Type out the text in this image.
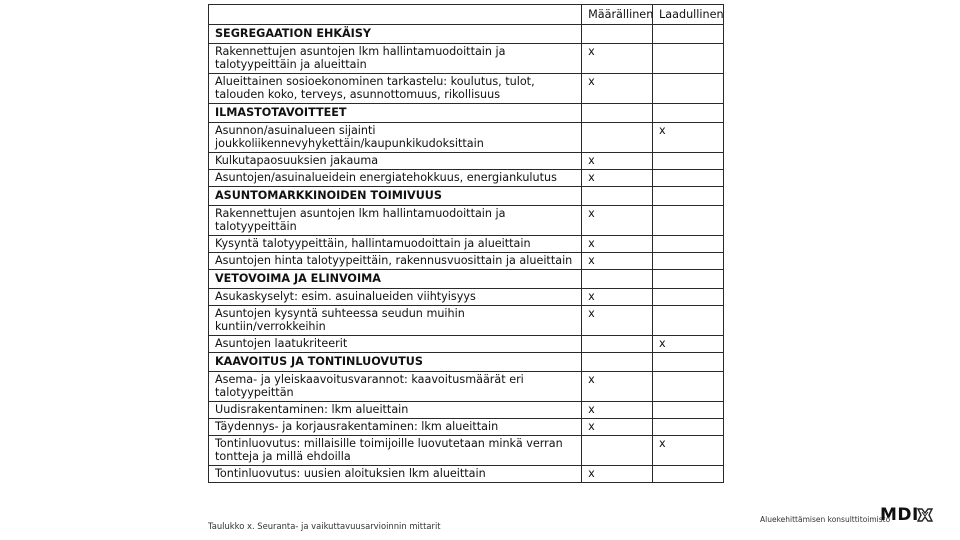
	Määrällinen	Laadullinen
SEGREGAATION EHKÄISY		
Rakennettujen asuntojen lkm hallintamuodoittain ja talotyypeittäin ja alueittain	x	
Alueittainen sosioekonominen tarkastelu: koulutus, tulot, talouden koko, terveys, asunnottomuus, rikollisuus	x	
ILMASTOTAVOITTEET		
Asunnon/asuinalueen sijainti joukkoliikennevyhykettäin/kaupunkikudoksittain		x
Kulkutapaosuuksien jakauma	x	
Asuntojen/asuinalueidein energiatehokkuus, energiankulutus	x	
ASUNTOMARKKINOIDEN TOIMIVUUS		
Rakennettujen asuntojen lkm hallintamuodoittain ja talotyypeittäin	x	
Kysyntä talotyypeittäin, hallintamuodoittain ja alueittain	x	
Asuntojen hinta talotyypeittäin, rakennusvuosittain ja alueittain	x	
VETOVOIMA JA ELINVOIMA		
Asukaskyselyt: esim. asuinalueiden viihtyisyys	x	
Asuntojen kysyntä suhteessa seudun muihin kuntiin/verrokkeihin	x	
Asuntojen laatukriteerit		x
KAAVOITUS JA TONTINLUOVUTUS		
Asema- ja yleiskaavoitusvarannot: kaavoitusmäärät eri talotyypeittän	x	
Uudisrakentaminen: lkm alueittain	x	
Täydennys- ja korjausrakentaminen: lkm alueittain	x	
Tontinluovutus: millaisille toimijoille luovutetaan minkä verran tontteja ja millä ehdoilla		x
Tontinluovutus: uusien aloituksien lkm alueittain	x	
Taulukko x. Seuranta- ja vaikuttavuusarvioinnin mittarit
Aluekehittämisen konsulttitoimisto
MDI
